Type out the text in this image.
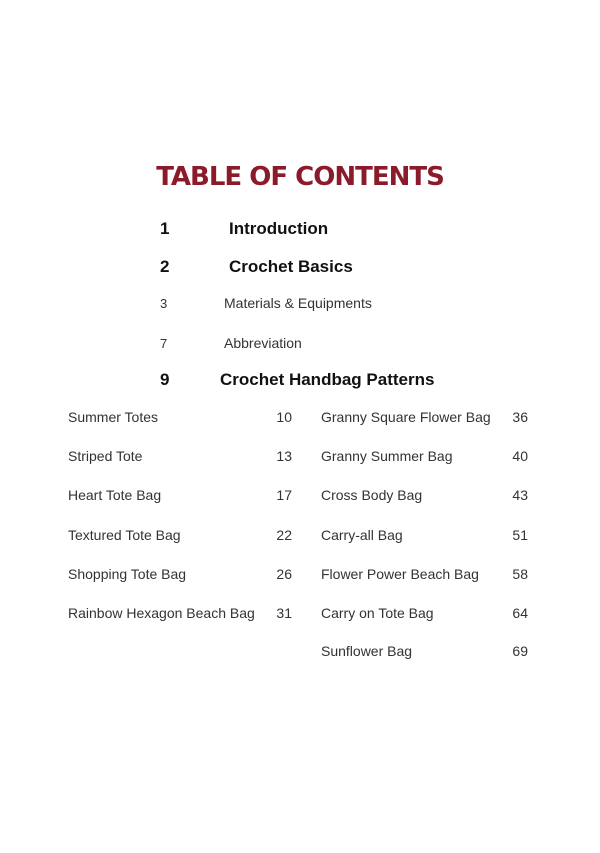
TABLE OF CONTENTS
1	Introduction
2	Crochet Basics
3	Materials & Equipments
7	Abbreviation
9	Crochet Handbag Patterns
Summer Totes	10
Striped Tote	13
Heart Tote Bag	17
Textured Tote Bag	22
Shopping Tote Bag	26
Rainbow Hexagon Beach Bag	31
Granny Square Flower Bag	36
Granny Summer Bag	40
Cross Body Bag	43
Carry-all Bag	51
Flower Power Beach Bag	58
Carry on Tote Bag	64
Sunflower Bag	69
